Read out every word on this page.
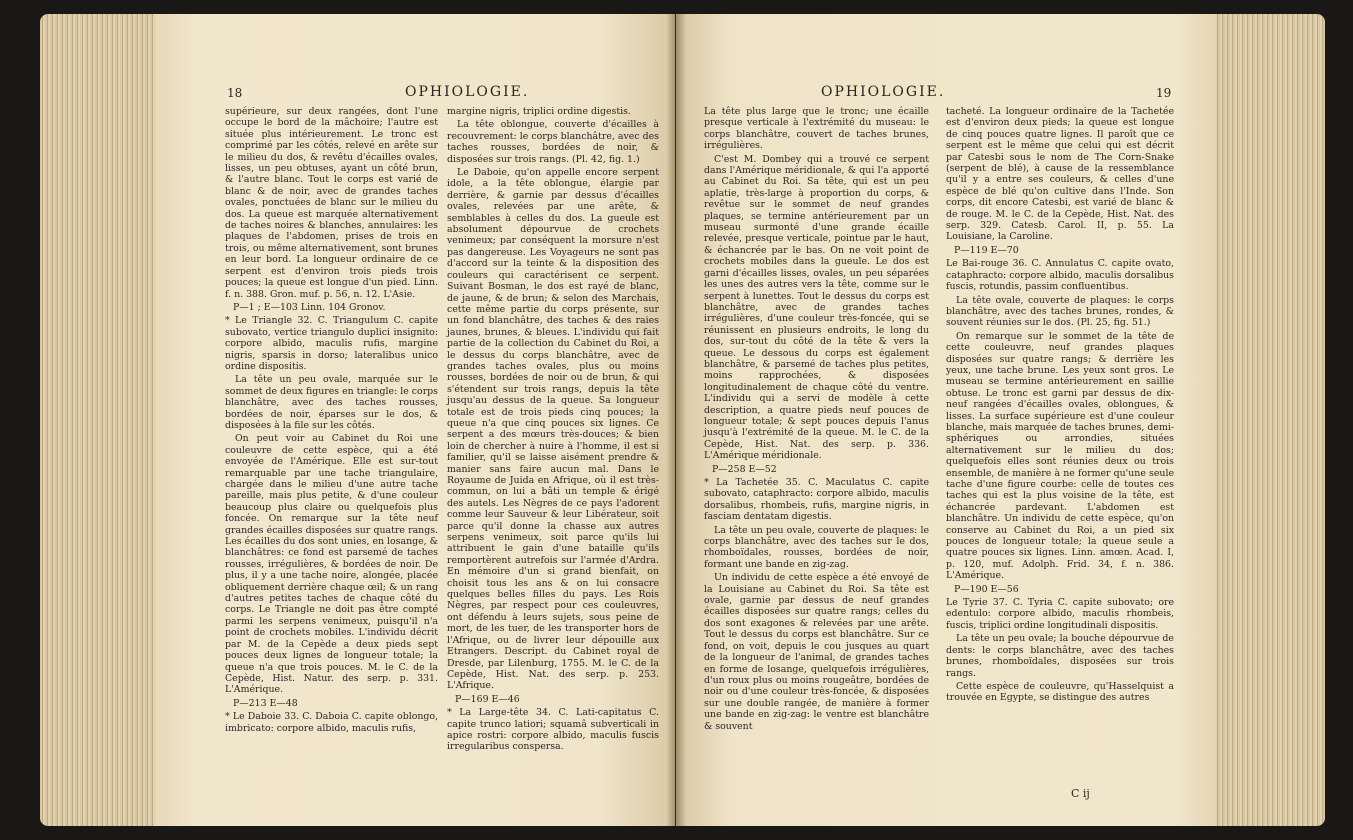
18	OPHIOLOGIE.

supérieure, sur deux rangées, dont l'une occupe le bord de la mâchoire; l'autre est située plus intérieurement. Le tronc est comprimé par les côtés, relevé en arête sur le milieu du dos, & revêtu d'écailles ovales, lisses, un peu obtuses, ayant un côté brun, & l'autre blanc. Tout le corps est varié de blanc & de noir, avec de grandes taches ovales, ponctuées de blanc sur le milieu du dos. La queue est marquée alternativement de taches noires & blanches, annulaires: les plaques de l'abdomen, prises de trois en trois, ou même alternativement, sont brunes en leur bord. La longueur ordinaire de ce serpent est d'environ trois pieds trois pouces; la queue est longue d'un pied. Linn. f. n. 388. Gron. muf. p. 56, n. 12. L'Asie.

P—1 ; E—103 Linn. 104 Gronov.

* Le Triangle 32. C. Triangulum C. capite subovato, vertice triangulo duplici insignito: corpore albido, maculis rufis, margine nigris, sparsis in dorso; lateralibus unico ordine dispositis.

La tête un peu ovale, marquée sur le sommet de deux figures en triangle: le corps blanchâtre, avec des taches rousses, bordées de noir, éparses sur le dos, & disposées à la file sur les côtés.

On peut voir au Cabinet du Roi une couleuvre de cette espèce, qui a été envoyée de l'Amérique. Elle est sur-tout remarquable par une tache triangulaire, chargée dans le milieu d'une autre tache pareille, mais plus petite, & d'une couleur beaucoup plus claire ou quelquefois plus foncée. On remarque sur la tête neuf grandes écailles disposées sur quatre rangs. Les écailles du dos sont unies, en losange, & blanchâtres: ce fond est parsemé de taches rousses, irrégulières, & bordées de noir. De plus, il y a une tache noire, alongée, placée obliquement derrière chaque œil; & un rang d'autres petites taches de chaque côté du corps. Le Triangle ne doit pas être compté parmi les serpens venimeux, puisqu'il n'a point de crochets mobiles. L'individu décrit par M. de la Cepède a deux pieds sept pouces deux lignes de longueur totale; la queue n'a que trois pouces. M. le C. de la Cepède, Hist. Natur. des serp. p. 331. L'Amérique.

P—213 E—48

* Le Daboie 33. C. Daboia C. capite oblongo, imbricato: corpore albido, maculis rufis,

margine nigris, triplici ordine digestis.

La tête oblongue, couverte d'écailles à recouvrement: le corps blanchâtre, avec des taches rousses, bordées de noir, & disposées sur trois rangs. (Pl. 42, fig. 1.)

Le Daboie, qu'on appelle encore serpent idole, a la tête oblongue, élargie par derrière, & garnie par dessus d'écailles ovales, relevées par une arête, & semblables à celles du dos. La gueule est absolument dépourvue de crochets venimeux; par conséquent la morsure n'est pas dangereuse. Les Voyageurs ne sont pas d'accord sur la teinte & la disposition des couleurs qui caractérisent ce serpent. Suivant Bosman, le dos est rayé de blanc, de jaune, & de brun; & selon des Marchais, cette même partie du corps présente, sur un fond blanchâtre, des taches & des raies jaunes, brunes, & bleues. L'individu qui fait partie de la collection du Cabinet du Roi, a le dessus du corps blanchâtre, avec de grandes taches ovales, plus ou moins rousses, bordées de noir ou de brun, & qui s'étendent sur trois rangs, depuis la tête jusqu'au dessus de la queue. Sa longueur totale est de trois pieds cinq pouces; la queue n'a que cinq pouces six lignes. Ce serpent a des mœurs très-douces; & bien loin de chercher à nuire à l'homme, il est si familier, qu'il se laisse aisément prendre & manier sans faire aucun mal. Dans le Royaume de Juida en Afrique, où il est très-commun, on lui a bâti un temple & érigé des autels. Les Nègres de ce pays l'adorent comme leur Sauveur & leur Libérateur, soit parce qu'il donne la chasse aux autres serpens venimeux, soit parce qu'ils lui attribuent le gain d'une bataille qu'ils remportèrent autrefois sur l'armée d'Ardra. En mémoire d'un si grand bienfait, on choisit tous les ans & on lui consacre quelques belles filles du pays. Les Rois Nègres, par respect pour ces couleuvres, ont défendu à leurs sujets, sous peine de mort, de les tuer, de les transporter hors de l'Afrique, ou de livrer leur dépouille aux Etrangers. Descript. du Cabinet royal de Dresde, par Lilenburg, 1755. M. le C. de la Cepède, Hist. Nat. des serp. p. 253. L'Afrique.

P—169 E—46

* La Large-tête 34. C. Lati-capitatus C. capite trunco latiori; squamâ subverticali in apice rostri: corpore albido, maculis fuscis irregularibus conspersa.

OPHIOLOGIE.	19

La tête plus large que le tronc; une écaille presque verticale à l'extrémité du museau: le corps blanchâtre, couvert de taches brunes, irrégulières.

C'est M. Dombey qui a trouvé ce serpent dans l'Amérique méridionale, & qui l'a apporté au Cabinet du Roi. Sa tête, qui est un peu aplatie, très-large à proportion du corps, & revêtue sur le sommet de neuf grandes plaques, se termine antérieurement par un museau surmonté d'une grande écaille relevée, presque verticale, pointue par le haut, & échancrée par le bas. On ne voit point de crochets mobiles dans la gueule. Le dos est garni d'écailles lisses, ovales, un peu séparées les unes des autres vers la tête, comme sur le serpent à lunettes. Tout le dessus du corps est blanchâtre, avec de grandes taches irrégulières, d'une couleur très-foncée, qui se réunissent en plusieurs endroits, le long du dos, sur-tout du côté de la tête & vers la queue. Le dessous du corps est également blanchâtre, & parsemé de taches plus petites, moins rapprochées, & disposées longitudinalement de chaque côté du ventre. L'individu qui a servi de modèle à cette description, a quatre pieds neuf pouces de longueur totale; & sept pouces depuis l'anus jusqu'à l'extrémité de la queue. M. le C. de la Cepède, Hist. Nat. des serp. p. 336. L'Amérique méridionale.

P—258 E—52

* La Tachetée 35. C. Maculatus C. capite subovato, cataphracto: corpore albido, maculis dorsalibus, rhombeis, rufis, margine nigris, in fasciam dentatam digestis.

La tête un peu ovale, couverte de plaques: le corps blanchâtre, avec des taches sur le dos, rhomboïdales, rousses, bordées de noir, formant une bande en zig-zag.

Un individu de cette espèce a été envoyé de la Louisiane au Cabinet du Roi. Sa tête est ovale, garnie par dessus de neuf grandes écailles disposées sur quatre rangs; celles du dos sont exagones & relevées par une arête. Tout le dessus du corps est blanchâtre. Sur ce fond, on voit, depuis le cou jusques au quart de la longueur de l'animal, de grandes taches en forme de losange, quelquefois irrégulières, d'un roux plus ou moins rougeâtre, bordées de noir ou d'une couleur très-foncée, & disposées sur une double rangée, de manière à former une bande en zig-zag: le ventre est blanchâtre & souvent

tacheté. La longueur ordinaire de la Tachetée est d'environ deux pieds; la queue est longue de cinq pouces quatre lignes. Il paroît que ce serpent est le même que celui qui est décrit par Catesbi sous le nom de The Corn-Snake (serpent de blé), à cause de la ressemblance qu'il y a entre ses couleurs, & celles d'une espèce de blé qu'on cultive dans l'Inde. Son corps, dit encore Catesbi, est varié de blanc & de rouge. M. le C. de la Cepède, Hist. Nat. des serp. 329. Catesb. Carol. II, p. 55. La Louisiane, la Caroline.

P—119 E—70

Le Bai-rouge 36. C. Annulatus C. capite ovato, cataphracto: corpore albido, maculis dorsalibus fuscis, rotundis, passim confluentibus.

La tête ovale, couverte de plaques: le corps blanchâtre, avec des taches brunes, rondes, & souvent réunies sur le dos. (Pl. 25, fig. 51.)

On remarque sur le sommet de la tête de cette couleuvre, neuf grandes plaques disposées sur quatre rangs; & derrière les yeux, une tache brune. Les yeux sont gros. Le museau se termine antérieurement en saillie obtuse. Le tronc est garni par dessus de dix-neuf rangées d'écailles ovales, oblongues, & lisses. La surface supérieure est d'une couleur blanche, mais marquée de taches brunes, demi-sphériques ou arrondies, situées alternativement sur le milieu du dos; quelquefois elles sont réunies deux ou trois ensemble, de manière à ne former qu'une seule tache d'une figure courbe: celle de toutes ces taches qui est la plus voisine de la tête, est échancrée pardevant. L'abdomen est blanchâtre. Un individu de cette espèce, qu'on conserve au Cabinet du Roi, a un pied six pouces de longueur totale; la queue seule a quatre pouces six lignes. Linn. amœn. Acad. I, p. 120, muf. Adolph. Frid. 34, f. n. 386. L'Amérique.

P—190 E—56

Le Tyrie 37. C. Tyria C. capite subovato; ore edentulo: corpore albido, maculis rhombeis, fuscis, triplici ordine longitudinali dispositis.

La tête un peu ovale; la bouche dépourvue de dents: le corps blanchâtre, avec des taches brunes, rhomboïdales, disposées sur trois rangs.

Cette espèce de couleuvre, qu'Hasselquist a trouvée en Egypte, se distingue des autres

C ij
